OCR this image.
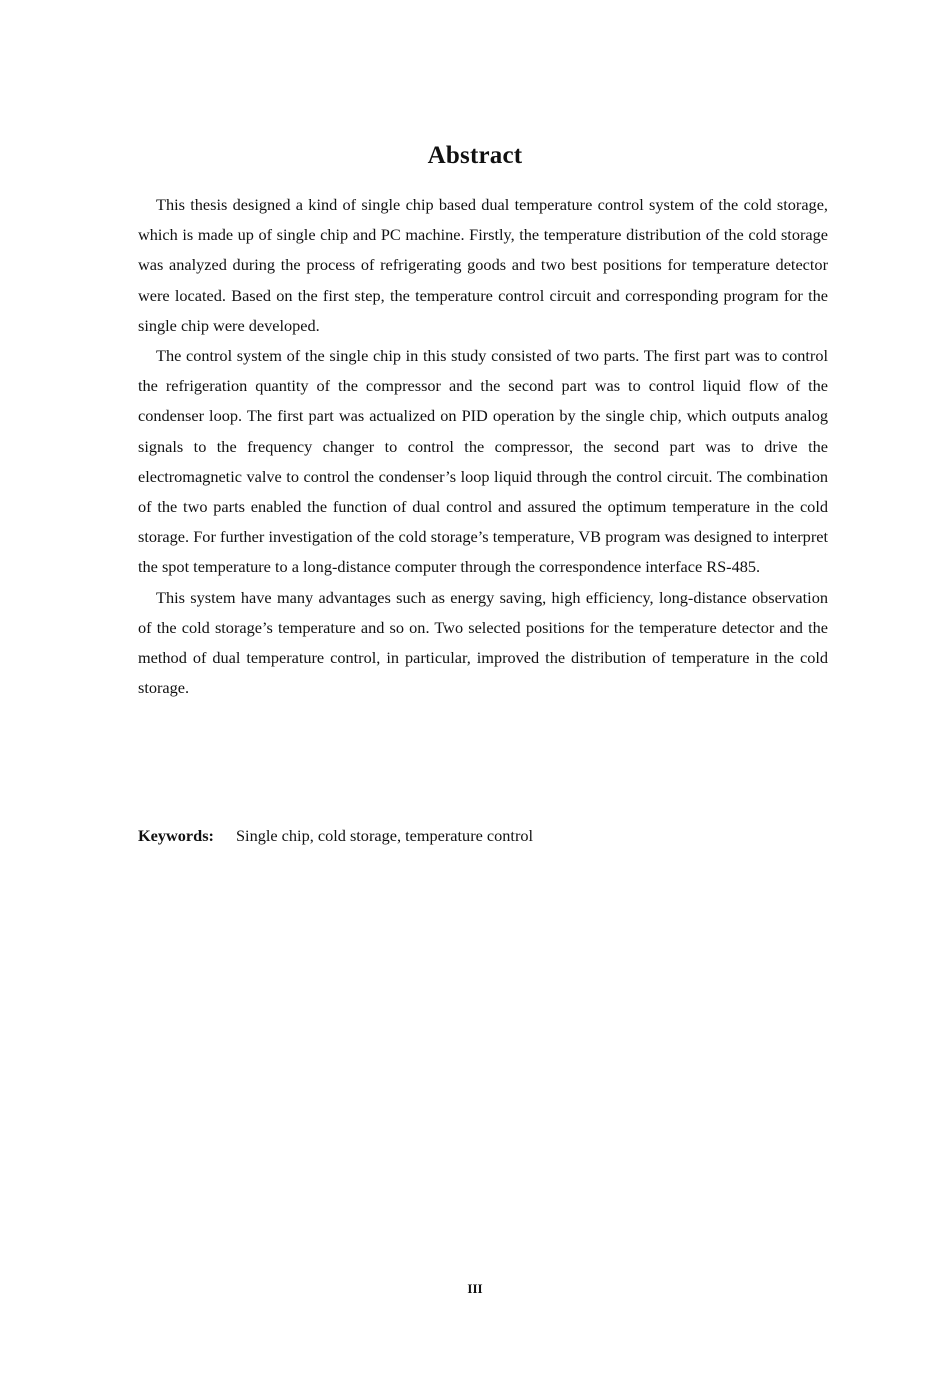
Abstract

This thesis designed a kind of single chip based dual temperature control system of the cold storage, which is made up of single chip and PC machine. Firstly, the temperature distribution of the cold storage was analyzed during the process of refrigerating goods and two best positions for temperature detector were located. Based on the first step, the temperature control circuit and corresponding program for the single chip were developed.

The control system of the single chip in this study consisted of two parts. The first part was to control the refrigeration quantity of the compressor and the second part was to control liquid flow of the condenser loop. The first part was actualized on PID operation by the single chip, which outputs analog signals to the frequency changer to control the compressor, the second part was to drive the electromagnetic valve to control the condenser’s loop liquid through the control circuit. The combination of the two parts enabled the function of dual control and assured the optimum temperature in the cold storage. For further investigation of the cold storage’s temperature, VB program was designed to interpret the spot temperature to a long-distance computer through the correspondence interface RS-485.

This system have many advantages such as energy saving, high efficiency, long-distance observation of the cold storage’s temperature and so on. Two selected positions for the temperature detector and the method of dual temperature control, in particular, improved the distribution of temperature in the cold storage.

Keywords: Single chip, cold storage, temperature control
III
